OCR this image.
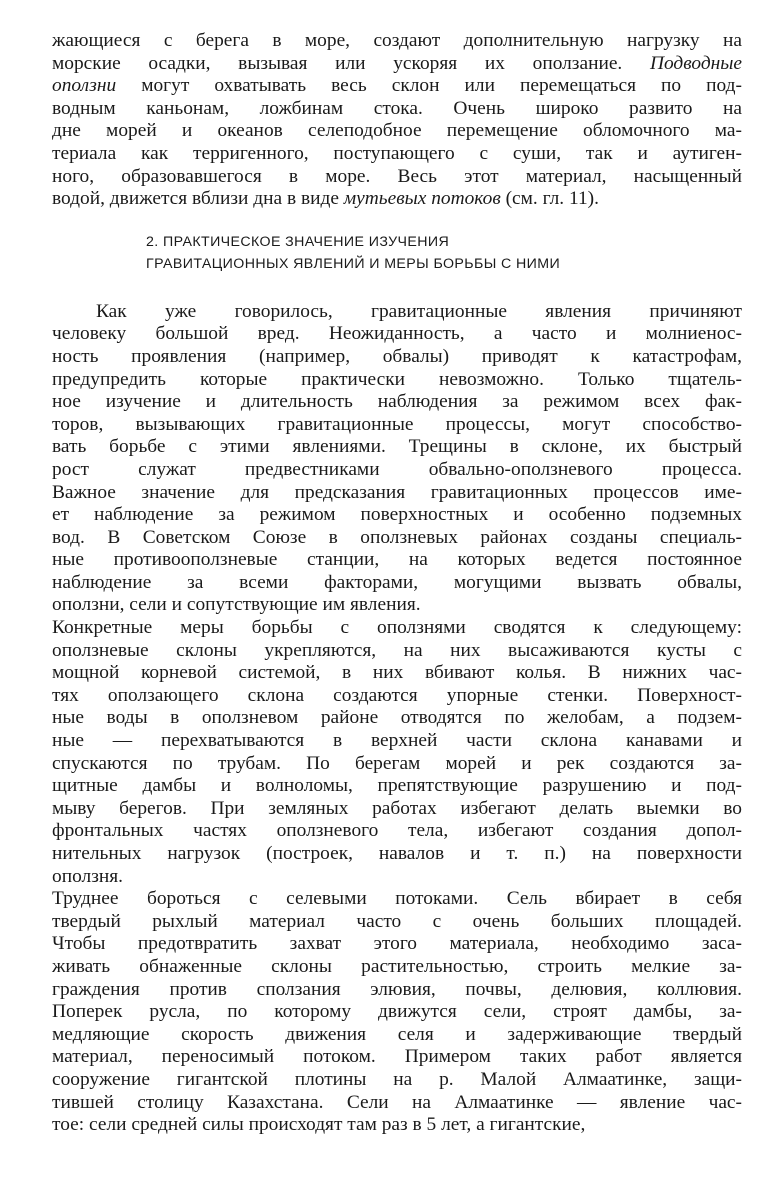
жающиеся с берега в море, создают дополнительную нагрузку на
морские осадки, вызывая или ускоряя их оползание. Подводные
оползни могут охватывать весь склон или перемещаться по под-
водным каньонам, ложбинам стока. Очень широко развито на
дне морей и океанов селеподобное перемещение обломочного ма-
териала как терригенного, поступающего с суши, так и аутиген-
ного, образовавшегося в море. Весь этот материал, насыщенный
водой, движется вблизи дна в виде мутьевых потоков (см. гл. 11).
2. ПРАКТИЧЕСКОЕ ЗНАЧЕНИЕ ИЗУЧЕНИЯ
ГРАВИТАЦИОННЫХ ЯВЛЕНИЙ И МЕРЫ БОРЬБЫ С НИМИ
Как уже говорилось, гравитационные явления причиняют
человеку большой вред. Неожиданность, а часто и молниенос-
ность проявления (например, обвалы) приводят к катастрофам,
предупредить которые практически невозможно. Только тщатель-
ное изучение и длительность наблюдения за режимом всех фак-
торов, вызывающих гравитационные процессы, могут способство-
вать борьбе с этими явлениями. Трещины в склоне, их быстрый
рост служат предвестниками обвально-оползневого процесса.
Важное значение для предсказания гравитационных процессов име-
ет наблюдение за режимом поверхностных и особенно подземных
вод. В Советском Союзе в оползневых районах созданы специаль-
ные противооползневые станции, на которых ведется постоянное
наблюдение за всеми факторами, могущими вызвать обвалы,
оползни, сели и сопутствующие им явления.
Конкретные меры борьбы с оползнями сводятся к следующему:
оползневые склоны укрепляются, на них высаживаются кусты с
мощной корневой системой, в них вбивают колья. В нижних час-
тях оползающего склона создаются упорные стенки. Поверхност-
ные воды в оползневом районе отводятся по желобам, а подзем-
ные — перехватываются в верхней части склона канавами и
спускаются по трубам. По берегам морей и рек создаются за-
щитные дамбы и волноломы, препятствующие разрушению и под-
мыву берегов. При земляных работах избегают делать выемки во
фронтальных частях оползневого тела, избегают создания допол-
нительных нагрузок (построек, навалов и т. п.) на поверхности
оползня.
Труднее бороться с селевыми потоками. Сель вбирает в себя
твердый рыхлый материал часто с очень больших площадей.
Чтобы предотвратить захват этого материала, необходимо заса-
живать обнаженные склоны растительностью, строить мелкие за-
граждения против сползания элювия, почвы, делювия, коллювия.
Поперек русла, по которому движутся сели, строят дамбы, за-
медляющие скорость движения селя и задерживающие твердый
материал, переносимый потоком. Примером таких работ является
сооружение гигантской плотины на р. Малой Алмаатинке, защи-
тившей столицу Казахстана. Сели на Алмаатинке — явление час-
тое: сели средней силы происходят там раз в 5 лет, а гигантские,
